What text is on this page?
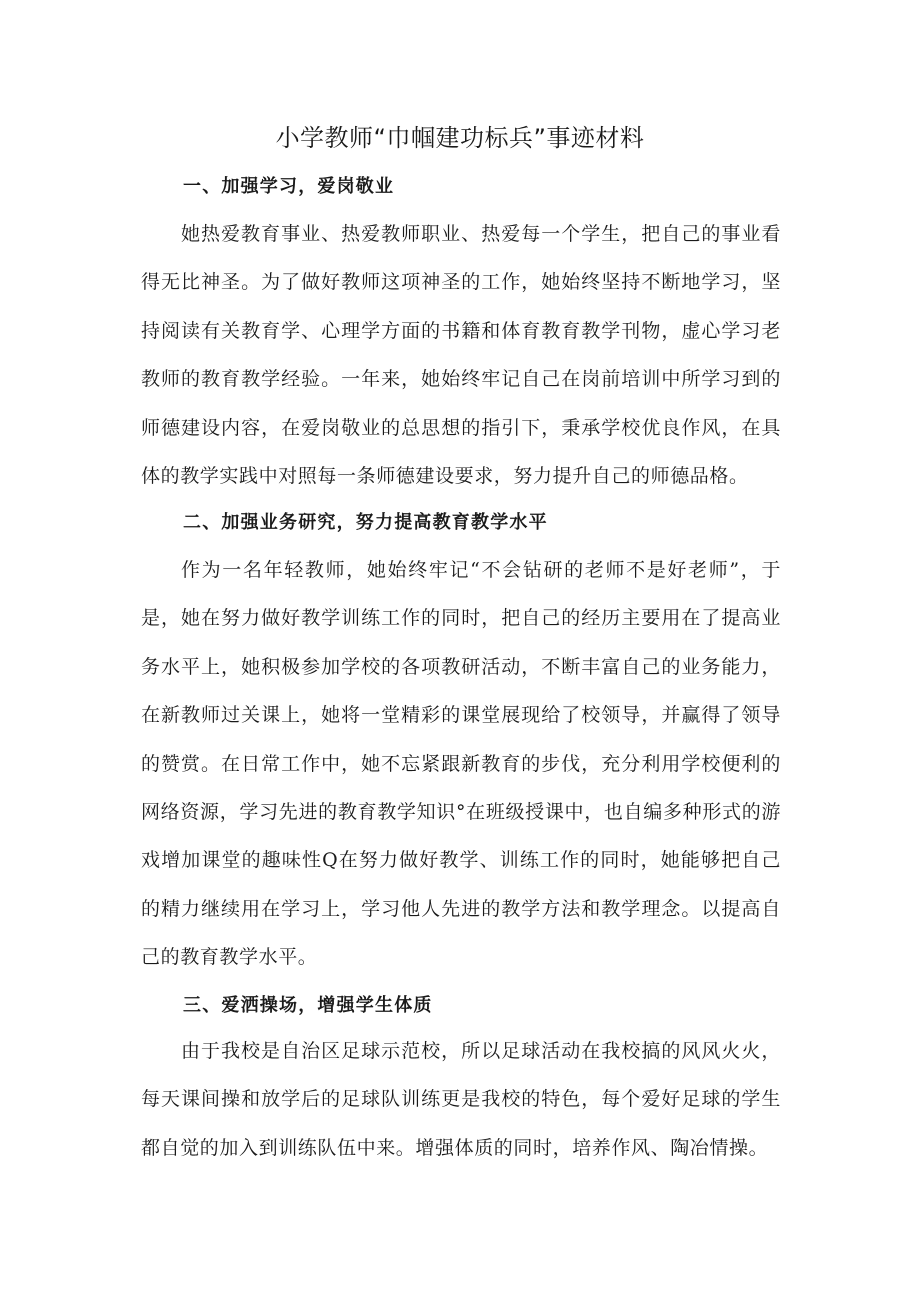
小学教师“巾帼建功标兵”事迹材料
一、加强学习，爱岗敬业
她热爱教育事业、热爱教师职业、热爱每一个学生，把自己的事业看得无比神圣。为了做好教师这项神圣的工作，她始终坚持不断地学习，坚持阅读有关教育学、心理学方面的书籍和体育教育教学刊物，虚心学习老教师的教育教学经验。一年来，她始终牢记自己在岗前培训中所学习到的师德建设内容，在爱岗敬业的总思想的指引下，秉承学校优良作风，在具体的教学实践中对照每一条师德建设要求，努力提升自己的师德品格。
二、加强业务研究，努力提高教育教学水平
作为一名年轻教师，她始终牢记“不会钻研的老师不是好老师”，于是，她在努力做好教学训练工作的同时，把自己的经历主要用在了提高业务水平上，她积极参加学校的各项教研活动，不断丰富自己的业务能力，在新教师过关课上，她将一堂精彩的课堂展现给了校领导，并赢得了领导的赞赏。在日常工作中，她不忘紧跟新教育的步伐，充分利用学校便利的网络资源，学习先进的教育教学知识°在班级授课中，也自编多种形式的游戏增加课堂的趣味性Q在努力做好教学、训练工作的同时，她能够把自己的精力继续用在学习上，学习他人先进的教学方法和教学理念。以提高自己的教育教学水平。
三、爱洒操场，增强学生体质
由于我校是自治区足球示范校，所以足球活动在我校搞的风风火火，每天课间操和放学后的足球队训练更是我校的特色，每个爱好足球的学生都自觉的加入到训练队伍中来。增强体质的同时，培养作风、陶冶情操。
